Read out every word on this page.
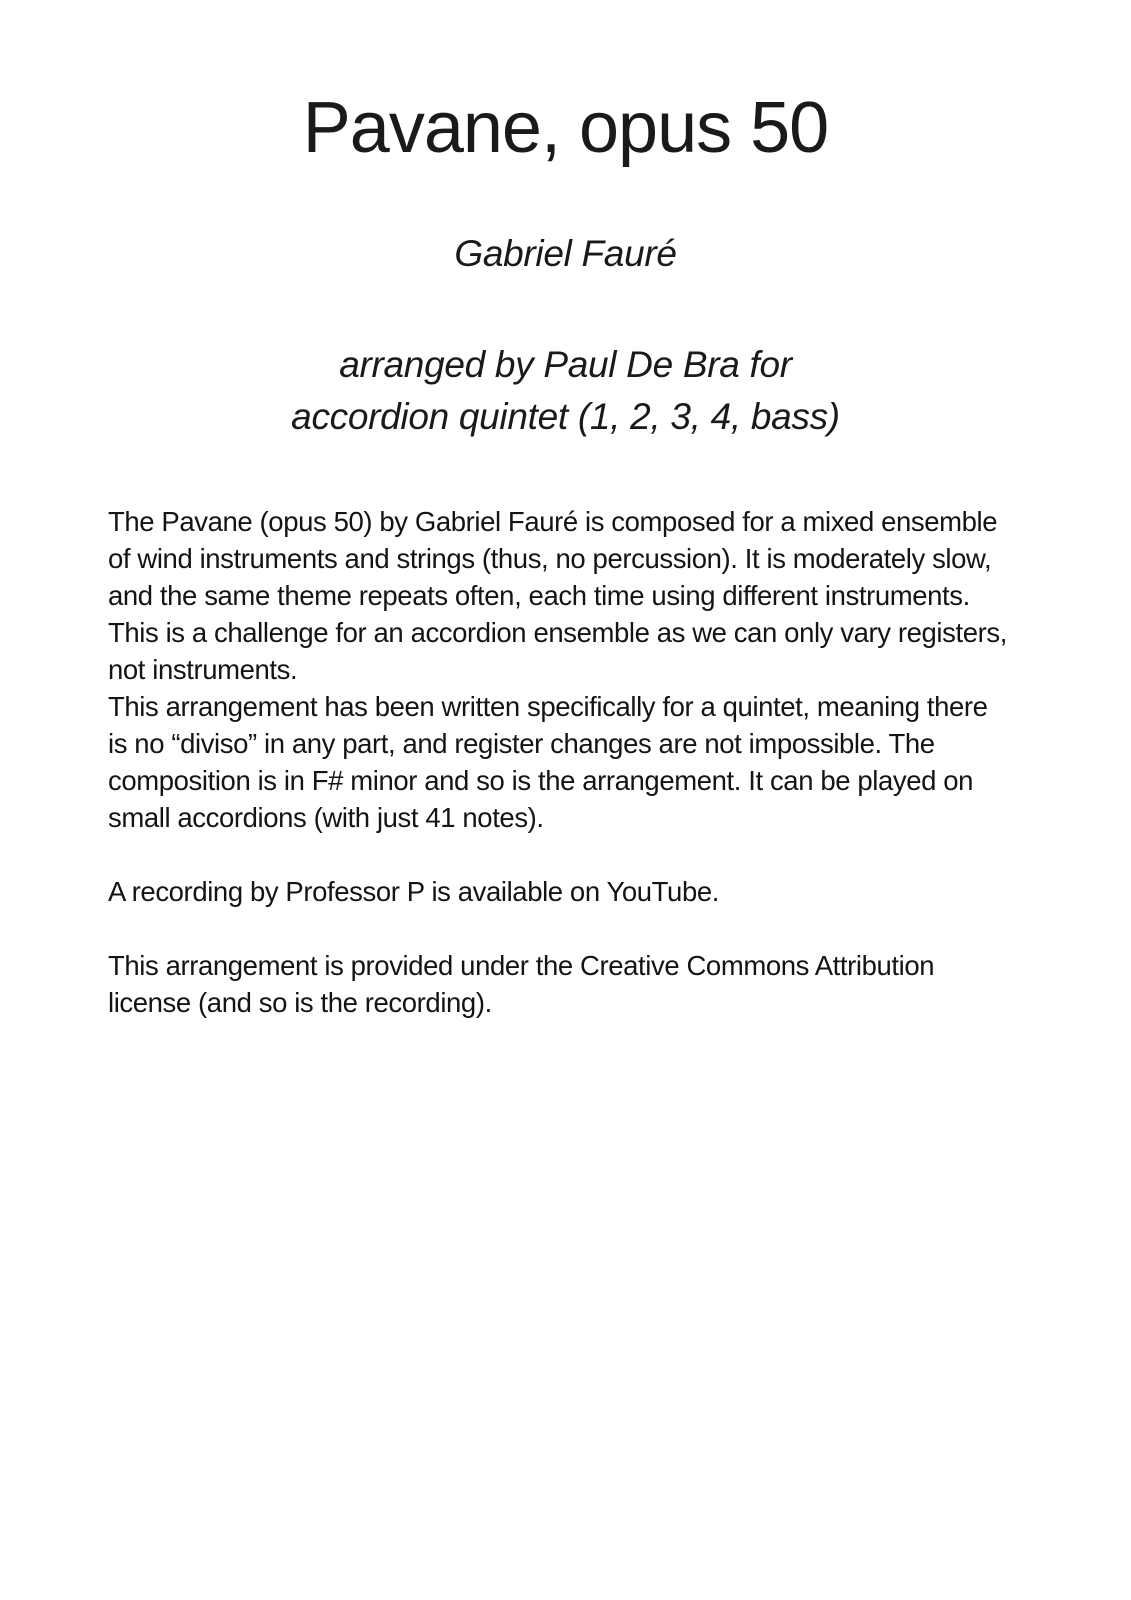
Pavane, opus 50
Gabriel Fauré
arranged by Paul De Bra for
accordion quintet (1, 2, 3, 4, bass)
The Pavane (opus 50) by Gabriel Fauré is composed for a mixed ensemble of wind instruments and strings (thus, no percussion). It is moderately slow, and the same theme repeats often, each time using different instruments. This is a challenge for an accordion ensemble as we can only vary registers, not instruments.
This arrangement has been written specifically for a quintet, meaning there is no “diviso” in any part, and register changes are not impossible. The composition is in F# minor and so is the arrangement. It can be played on small accordions (with just 41 notes).
A recording by Professor P is available on YouTube.
This arrangement is provided under the Creative Commons Attribution license (and so is the recording).
